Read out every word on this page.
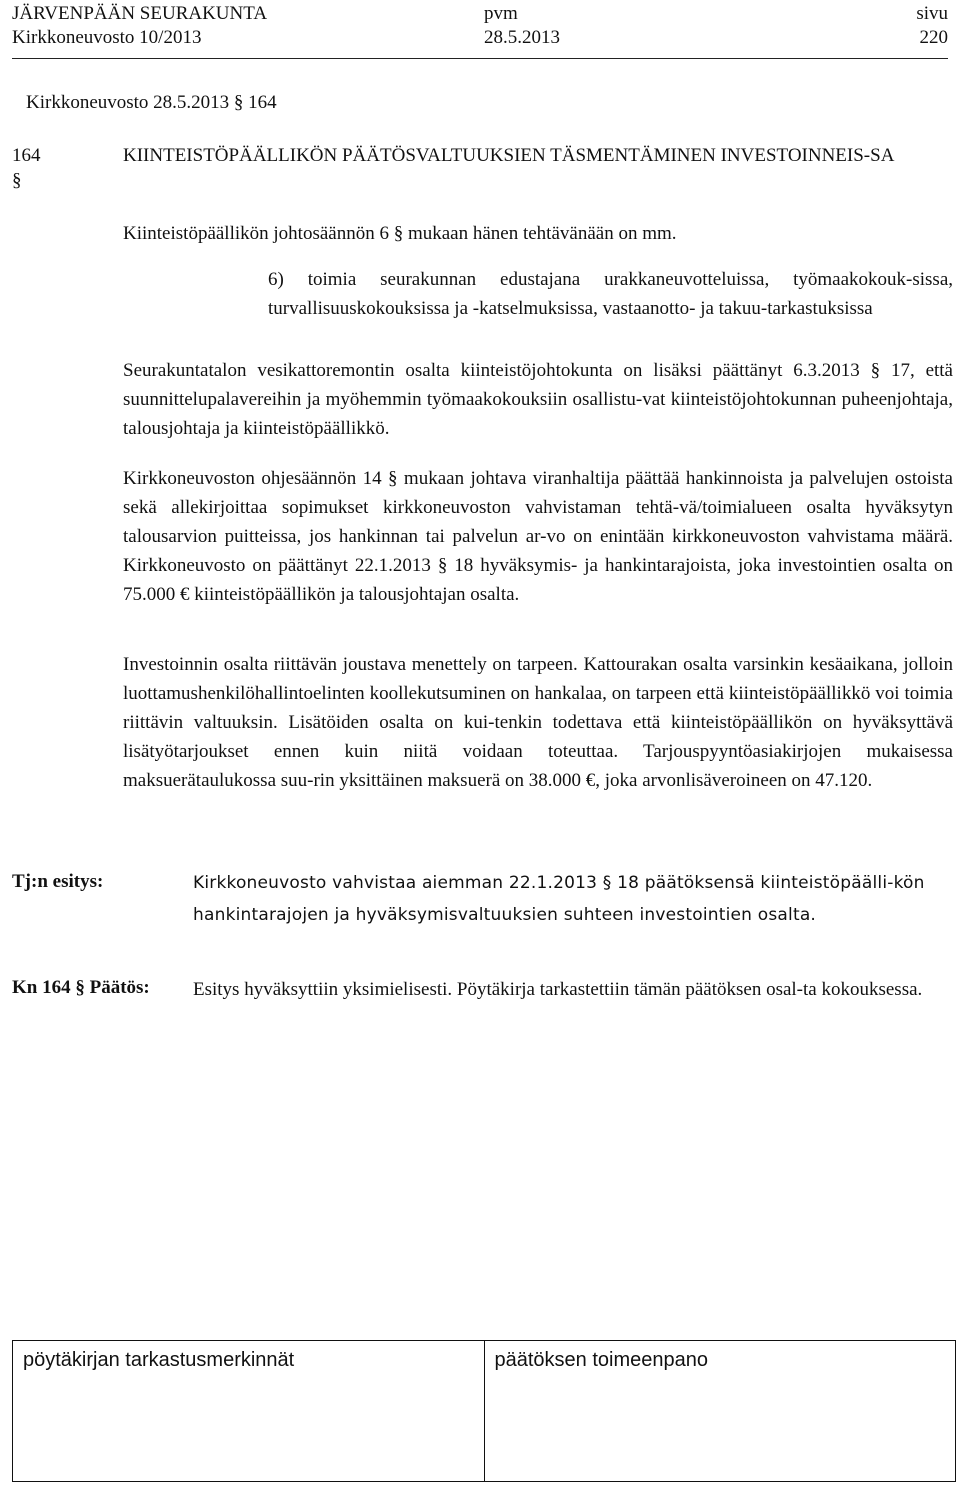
JÄRVENPÄÄN SEURAKUNTA	pvm	sivu
Kirkkoneuvosto 10/2013	28.5.2013	220
Kirkkoneuvosto 28.5.2013 § 164
164 §
KIINTEISTÖPÄÄLLIKÖN PÄÄTÖSVALTUUKSIEN TÄSMENTÄMINEN INVESTOINNEIS-SA

Kiinteistöpäällikön johtosäännön 6 § mukaan hänen tehtävänään on mm.

6) toimia seurakunnan edustajana urakkaneuvotteluissa, työmaakokouk-sissa, turvallisuuskokouksissa ja -katselmuksissa, vastaanotto- ja takuu-tarkastuksissa

Seurakuntatalon vesikattoremontin osalta kiinteistöjohtokunta on lisäksi päättänyt 6.3.2013 § 17, että suunnittelupalavereihin ja myöhemmin työmaakokouksiin osallistu-vat kiinteistöjohtokunnan puheenjohtaja, talousjohtaja ja kiinteistöpäällikkö.

Kirkkoneuvoston ohjesäännön 14 § mukaan johtava viranhaltija päättää hankinnoista ja palvelujen ostoista sekä allekirjoittaa sopimukset kirkkoneuvoston vahvistaman tehtä-vä/toimialueen osalta hyväksytyn talousarvion puitteissa, jos hankinnan tai palvelun ar-vo on enintään kirkkoneuvoston vahvistama määrä. Kirkkoneuvosto on päättänyt 22.1.2013 § 18 hyväksymis- ja hankintarajoista, joka investointien osalta on 75.000 € kiinteistöpäällikön ja talousjohtajan osalta.

Investoinnin osalta riittävän joustava menettely on tarpeen. Kattourakan osalta varsinkin kesäaikana, jolloin luottamushenkilöhallintoelinten koollekutsuminen on hankalaa, on tarpeen että kiinteistöpäällikkö voi toimia riittävin valtuuksin. Lisätöiden osalta on kui-tenkin todettava että kiinteistöpäällikön on hyväksyttävä lisätyötarjoukset ennen kuin niitä voidaan toteuttaa. Tarjouspyyntöasiakirjojen mukaisessa maksuerätaulukossa suu-rin yksittäinen maksuerä on 38.000 €, joka arvonlisäveroineen on 47.120.

Tj:n esitys:	Kirkkoneuvosto vahvistaa aiemman 22.1.2013 § 18 päätöksensä kiinteistöpäälli-kön hankintarajojen ja hyväksymisvaltuuksien suhteen investointien osalta.
Kn 164 § Päätös: Esitys hyväksyttiin yksimielisesti. Pöytäkirja tarkastettiin tämän päätöksen osal-ta kokouksessa.
pöytäkirjan tarkastusmerkinnät	päätöksen toimeenpano
